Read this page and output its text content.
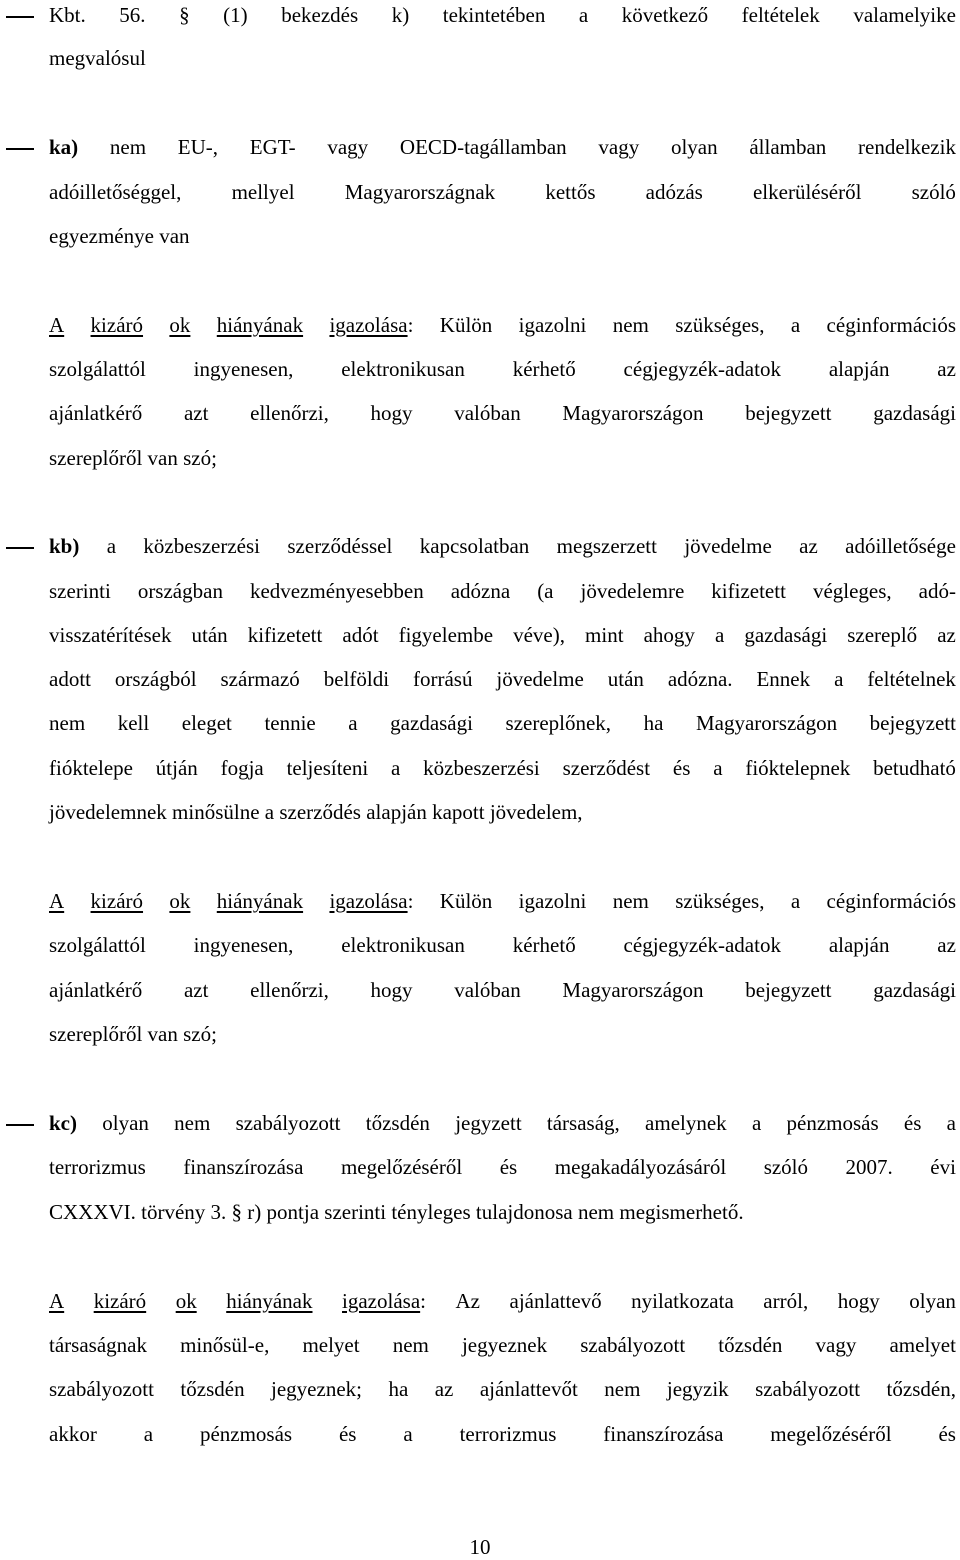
Kbt. 56. § (1) bekezdés k) tekintetében a következő feltételek valamelyike
megvalósul
ka) nem EU-, EGT- vagy OECD-tagállamban vagy olyan államban rendelkezik
adóilletőséggel, mellyel Magyarországnak kettős adózás elkerüléséről szóló
egyezménye van
A kizáró ok hiányának igazolása: Külön igazolni nem szükséges, a céginformációs
szolgálattól ingyenesen, elektronikusan kérhető cégjegyzék-adatok alapján az
ajánlatkérő azt ellenőrzi, hogy valóban Magyarországon bejegyzett gazdasági
szereplőről van szó;
kb) a közbeszerzési szerződéssel kapcsolatban megszerzett jövedelme az adóilletősége
szerinti országban kedvezményesebben adózna (a jövedelemre kifizetett végleges, adó-
visszatérítések után kifizetett adót figyelembe véve), mint ahogy a gazdasági szereplő az
adott országból származó belföldi forrású jövedelme után adózna. Ennek a feltételnek
nem kell eleget tennie a gazdasági szereplőnek, ha Magyarországon bejegyzett
fióktelepe útján fogja teljesíteni a közbeszerzési szerződést és a fióktelepnek betudható
jövedelemnek minősülne a szerződés alapján kapott jövedelem,
A kizáró ok hiányának igazolása: Külön igazolni nem szükséges, a céginformációs
szolgálattól ingyenesen, elektronikusan kérhető cégjegyzék-adatok alapján az
ajánlatkérő azt ellenőrzi, hogy valóban Magyarországon bejegyzett gazdasági
szereplőről van szó;
kc) olyan nem szabályozott tőzsdén jegyzett társaság, amelynek a pénzmosás és a
terrorizmus finanszírozása megelőzéséről és megakadályozásáról szóló 2007. évi
CXXXVI. törvény 3. § r) pontja szerinti tényleges tulajdonosa nem megismerhető.
A kizáró ok hiányának igazolása: Az ajánlattevő nyilatkozata arról, hogy olyan
társaságnak minősül-e, melyet nem jegyeznek szabályozott tőzsdén vagy amelyet
szabályozott tőzsdén jegyeznek; ha az ajánlattevőt nem jegyzik szabályozott tőzsdén,
akkor a pénzmosás és a terrorizmus finanszírozása megelőzéséről és
10
